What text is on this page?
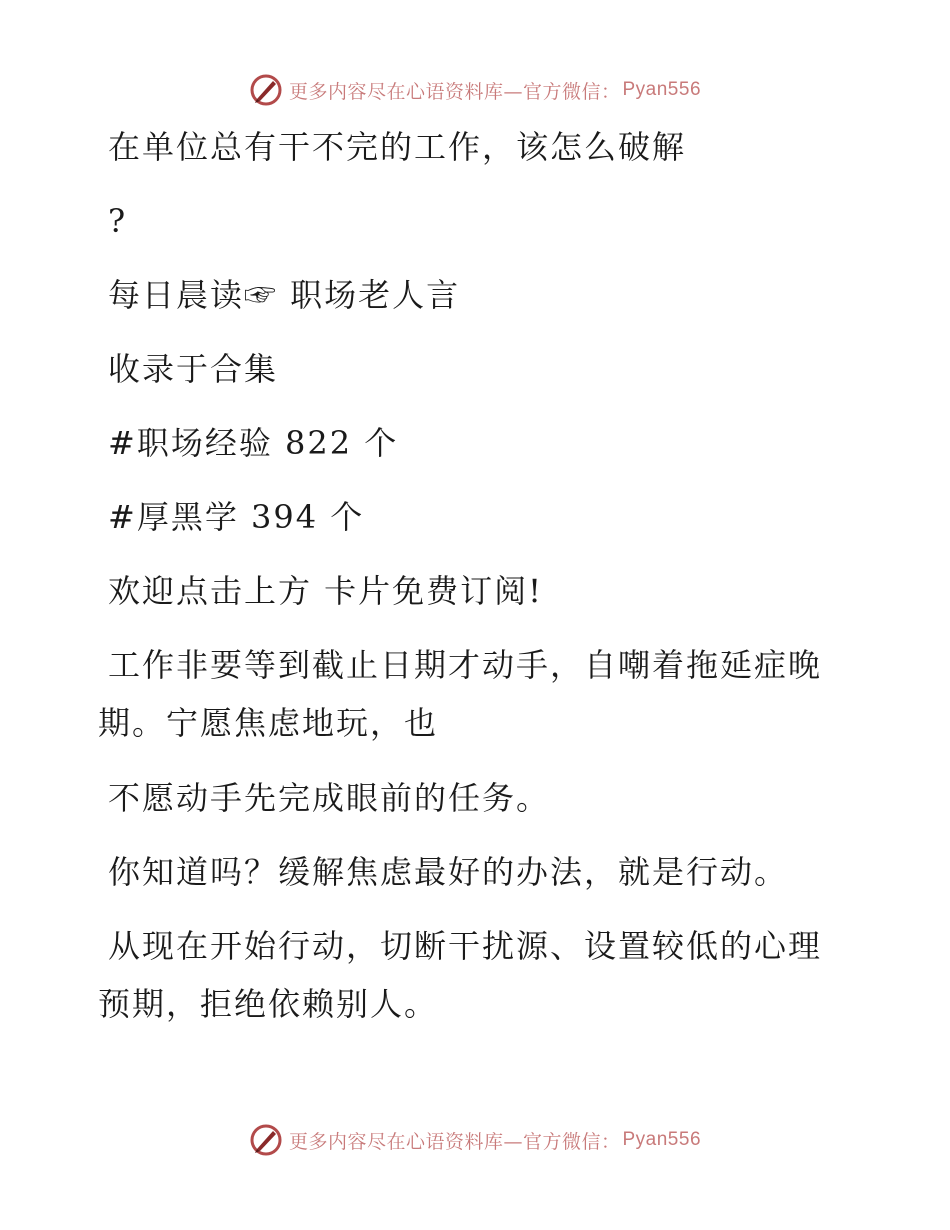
更多内容尽在心语资料库—官方微信： Pyan556
在单位总有干不完的工作，该怎么破解
?
每日晨读☞ 职场老人言
收录于合集
#职场经验 822 个
#厚黑学 394 个
欢迎点击上方 卡片免费订阅!
工作非要等到截止日期才动手，自嘲着拖延症晚
期。宁愿焦虑地玩，也
不愿动手先完成眼前的任务。
你知道吗？缓解焦虑最好的办法，就是行动。
从现在开始行动，切断干扰源、设置较低的心理
预期，拒绝依赖别人。
更多内容尽在心语资料库—官方微信： Pyan556
